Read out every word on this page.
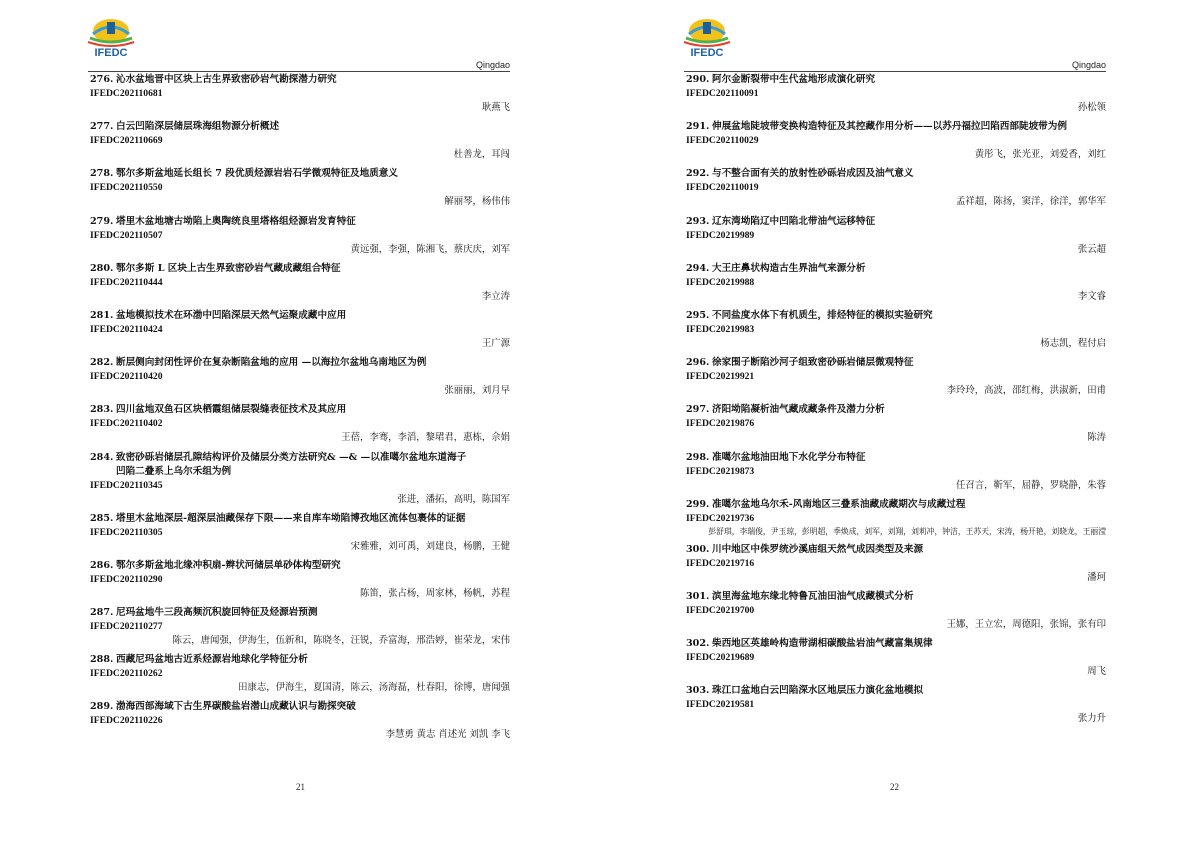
IFEDC
Qingdao
276. 沁水盆地晋中区块上古生界致密砂岩气勘探潜力研究
IFEDC202110681
耿燕飞
277. 白云凹陷深层储层珠海组物源分析概述
IFEDC202110669
杜善龙，耳闯
278. 鄂尔多斯盆地延长组长 7 段优质烃源岩岩石学微观特征及地质意义
IFEDC202110550
解丽琴，杨伟伟
279. 塔里木盆地塘古坳陷上奥陶统良里塔格组烃源岩发育特征
IFEDC202110507
黄远强，李强，陈湘飞，蔡庆庆，刘军
280. 鄂尔多斯 L 区块上古生界致密砂岩气藏成藏组合特征
IFEDC202110444
李立涛
281. 盆地模拟技术在环渤中凹陷深层天然气运聚成藏中应用
IFEDC202110424
王广源
282. 断层侧向封闭性评价在复杂断陷盆地的应用 —以海拉尔盆地乌南地区为例
IFEDC202110420
张丽丽，刘月早
283. 四川盆地双鱼石区块栖霞组储层裂缝表征技术及其应用
IFEDC202110402
王蓓，李骞，李滔，黎珺君，惠栋，佘娟
284. 致密砂砾岩储层孔隙结构评价及储层分类方法研究& —& —以准噶尔盆地东道海子
凹陷二叠系上乌尔禾组为例
IFEDC202110345
张进，潘拓，高明，陈国军
285. 塔里木盆地深层-超深层油藏保存下限——来自库车坳陷博孜地区流体包裹体的证据
IFEDC202110305
宋雅雅，刘可禹，刘建良，杨鹏，王健
286. 鄂尔多斯盆地北缘冲积扇-辫状河储层单砂体构型研究
IFEDC202110290
陈笛，张占杨，周家林，杨帆，苏程
287. 尼玛盆地牛三段高频沉积旋回特征及烃源岩预测
IFEDC202110277
陈云，唐闻强，伊海生，伍新和，陈晓冬，汪锐，乔富海，邢浩婷，崔荣龙，宋伟
288. 西藏尼玛盆地古近系烃源岩地球化学特征分析
IFEDC202110262
田康志，伊海生，夏国清，陈云，汤海磊，杜春阳，徐博，唐闻强
289. 渤海西部海域下古生界碳酸盐岩潜山成藏认识与勘探突破
IFEDC202110226
李慧勇 黄志 肖述光 刘凯 李飞
21
IFEDC
Qingdao
290. 阿尔金断裂带中生代盆地形成演化研究
IFEDC202110091
孙松领
291. 伸展盆地陡坡带变换构造特征及其控藏作用分析——以苏丹福拉凹陷西部陡坡带为例
IFEDC202110029
黄彤飞，张光亚，刘爱香，刘红
292. 与不整合面有关的放射性砂砾岩成因及油气意义
IFEDC202110019
孟祥超，陈扬，窦洋，徐洋，郭华军
293. 辽东湾坳陷辽中凹陷北带油气运移特征
IFEDC20219989
张云超
294. 大王庄鼻状构造古生界油气来源分析
IFEDC20219988
李文睿
295. 不同盐度水体下有机质生，排烃特征的模拟实验研究
IFEDC20219983
杨志凯，程付启
296. 徐家围子断陷沙河子组致密砂砾岩储层微观特征
IFEDC20219921
李玲玲，高波，邵红梅，洪淑新，田甫
297. 济阳坳陷凝析油气藏成藏条件及潜力分析
IFEDC20219876
陈涛
298. 准噶尔盆地油田地下水化学分布特征
IFEDC20219873
任召言，靳军，屈静，罗晓静，朱蓉
299. 准噶尔盆地乌尔禾-风南地区三叠系油藏成藏期次与成藏过程
IFEDC20219736
彭舒琪，李瑞俊，尹玉琼，彭明超，季焕成，刘军，刘翔，刘莉冲，钟洁，王苏天，宋涛，杨开艳，刘晓龙，王丽滢
300. 川中地区中侏罗统沙溪庙组天然气成因类型及来源
IFEDC20219716
潘珂
301. 滨里海盆地东缘北特鲁瓦油田油气成藏模式分析
IFEDC20219700
王娜，王立宏，周德阳，张锦，张有印
302. 柴西地区英雄岭构造带湖相碳酸盐岩油气藏富集规律
IFEDC20219689
周飞
303. 珠江口盆地白云凹陷深水区地层压力演化盆地模拟
IFEDC20219581
张力升
22
